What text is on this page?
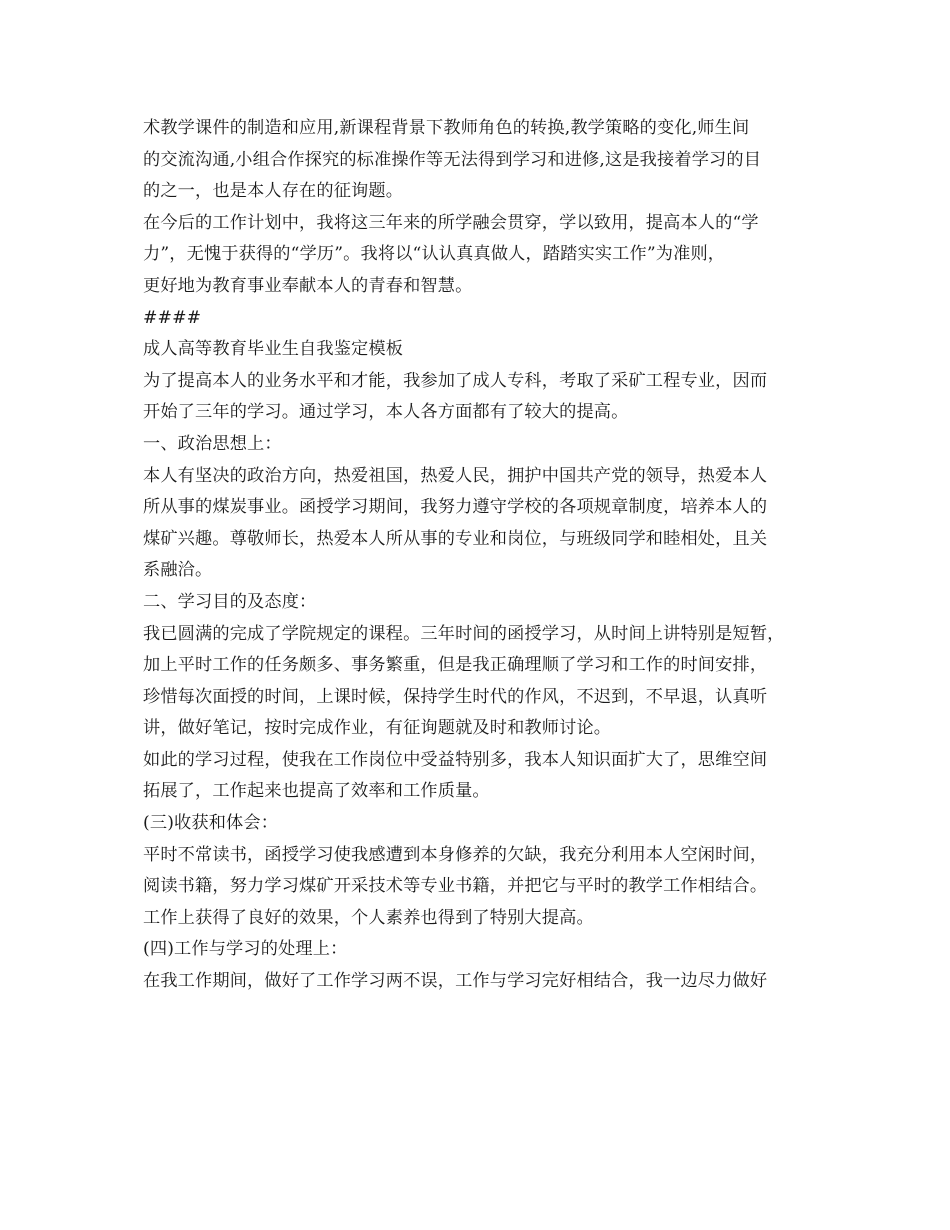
术教学课件的制造和应用,新课程背景下教师角色的转换,教学策略的变化,师生间
的交流沟通,小组合作探究的标准操作等无法得到学习和进修,这是我接着学习的目
的之一，也是本人存在的征询题。
在今后的工作计划中，我将这三年来的所学融会贯穿，学以致用，提高本人的“学
力”，无愧于获得的“学历”。我将以“认认真真做人，踏踏实实工作”为准则，
更好地为教育事业奉献本人的青春和智慧。
####
成人高等教育毕业生自我鉴定模板
为了提高本人的业务水平和才能，我参加了成人专科，考取了采矿工程专业，因而
开始了三年的学习。通过学习，本人各方面都有了较大的提高。
一、政治思想上：
本人有坚决的政治方向，热爱祖国，热爱人民，拥护中国共产党的领导，热爱本人
所从事的煤炭事业。函授学习期间，我努力遵守学校的各项规章制度，培养本人的
煤矿兴趣。尊敬师长，热爱本人所从事的专业和岗位，与班级同学和睦相处，且关
系融洽。
二、学习目的及态度：
我已圆满的完成了学院规定的课程。三年时间的函授学习，从时间上讲特别是短暂，
加上平时工作的任务颇多、事务繁重，但是我正确理顺了学习和工作的时间安排，
珍惜每次面授的时间，上课时候，保持学生时代的作风，不迟到，不早退，认真听
讲，做好笔记，按时完成作业，有征询题就及时和教师讨论。
如此的学习过程，使我在工作岗位中受益特别多，我本人知识面扩大了，思维空间
拓展了，工作起来也提高了效率和工作质量。
(三)收获和体会：
平时不常读书，函授学习使我感遭到本身修养的欠缺，我充分利用本人空闲时间，
阅读书籍，努力学习煤矿开采技术等专业书籍，并把它与平时的教学工作相结合。
工作上获得了良好的效果，个人素养也得到了特别大提高。
(四)工作与学习的处理上：
在我工作期间，做好了工作学习两不误，工作与学习完好相结合，我一边尽力做好
